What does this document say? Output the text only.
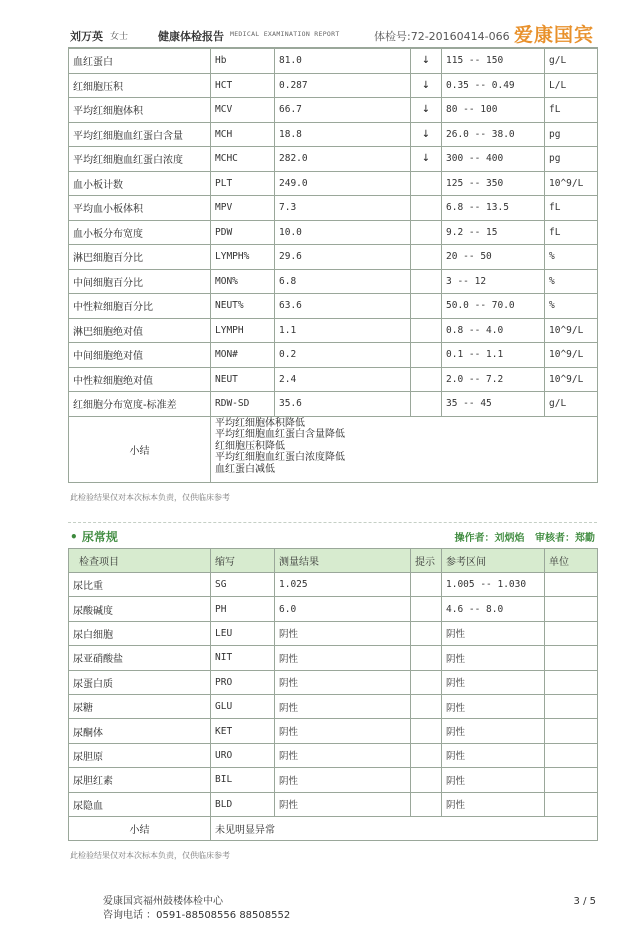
刘万英 女士	健康体检报告 MEDICAL EXAMINATION REPORT	体检号:72-20160414-066 爱康国宾
血红蛋白	Hb	81.0	↓	115 -- 150	g/L
红细胞压积	HCT	0.287	↓	0.35 -- 0.49	L/L
平均红细胞体积	MCV	66.7	↓	80 -- 100	fL
平均红细胞血红蛋白含量	MCH	18.8	↓	26.0 -- 38.0	pg
平均红细胞血红蛋白浓度	MCHC	282.0	↓	300 -- 400	pg
血小板计数	PLT	249.0		125 -- 350	10^9/L
平均血小板体积	MPV	7.3		6.8 -- 13.5	fL
血小板分布宽度	PDW	10.0		9.2 -- 15	fL
淋巴细胞百分比	LYMPH%	29.6		20 -- 50	%
中间细胞百分比	MON%	6.8		3 -- 12	%
中性粒细胞百分比	NEUT%	63.6		50.0 -- 70.0	%
淋巴细胞绝对值	LYMPH	1.1		0.8 -- 4.0	10^9/L
中间细胞绝对值	MON#	0.2		0.1 -- 1.1	10^9/L
中性粒细胞绝对值	NEUT	2.4		2.0 -- 7.2	10^9/L
红细胞分布宽度-标准差	RDW-SD	35.6		35 -- 45	g/L
小结	平均红细胞体积降低
平均红细胞血红蛋白含量降低
红细胞压积降低
平均红细胞血红蛋白浓度降低
血红蛋白减低				
此检验结果仅对本次标本负责，仅供临床参考
• 尿常规	操作者：刘炳焰 审核者：郑勤
检查项目	缩写	测量结果	提示	参考区间	单位
尿比重	SG	1.025		1.005 -- 1.030	
尿酸碱度	PH	6.0		4.6 -- 8.0	
尿白细胞	LEU	阴性		阴性	
尿亚硝酸盐	NIT	阴性		阴性	
尿蛋白质	PRO	阴性		阴性	
尿糖	GLU	阴性		阴性	
尿酮体	KET	阴性		阴性	
尿胆原	URO	阴性		阴性	
尿胆红素	BIL	阴性		阴性	
尿隐血	BLD	阴性		阴性	
小结	未见明显异常				
此检验结果仅对本次标本负责，仅供临床参考
爱康国宾福州鼓楼体检中心
咨询电话 ：0591-88508556 88508552
3 / 5
